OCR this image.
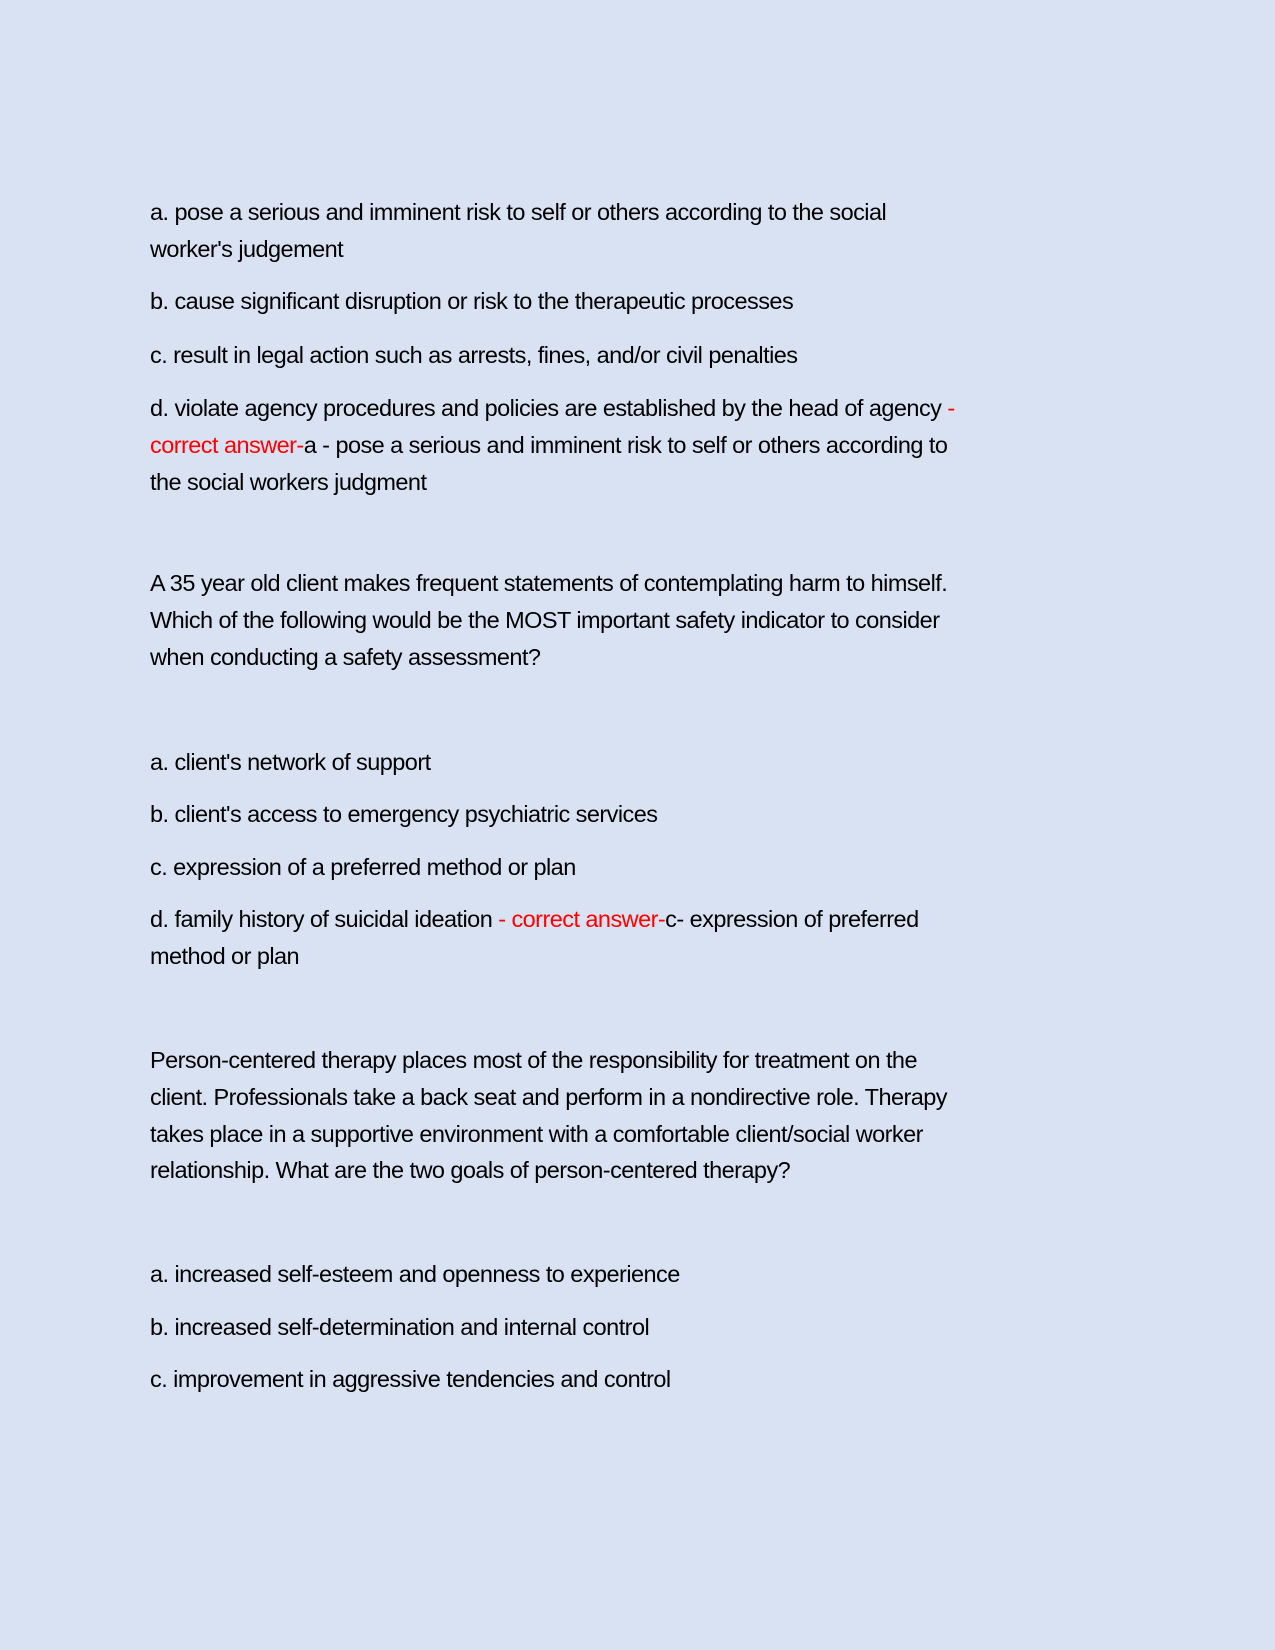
a. pose a serious and imminent risk to self or others according to the social
worker's judgement
b. cause significant disruption or risk to the therapeutic processes
c. result in legal action such as arrests, fines, and/or civil penalties
d. violate agency procedures and policies are established by the head of agency -
correct answer-a - pose a serious and imminent risk to self or others according to
the social workers judgment
A 35 year old client makes frequent statements of contemplating harm to himself.
Which of the following would be the MOST important safety indicator to consider
when conducting a safety assessment?
a. client's network of support
b. client's access to emergency psychiatric services
c. expression of a preferred method or plan
d. family history of suicidal ideation - correct answer-c- expression of preferred
method or plan
Person-centered therapy places most of the responsibility for treatment on the
client. Professionals take a back seat and perform in a nondirective role. Therapy
takes place in a supportive environment with a comfortable client/social worker
relationship. What are the two goals of person-centered therapy?
a. increased self-esteem and openness to experience
b. increased self-determination and internal control
c. improvement in aggressive tendencies and control
